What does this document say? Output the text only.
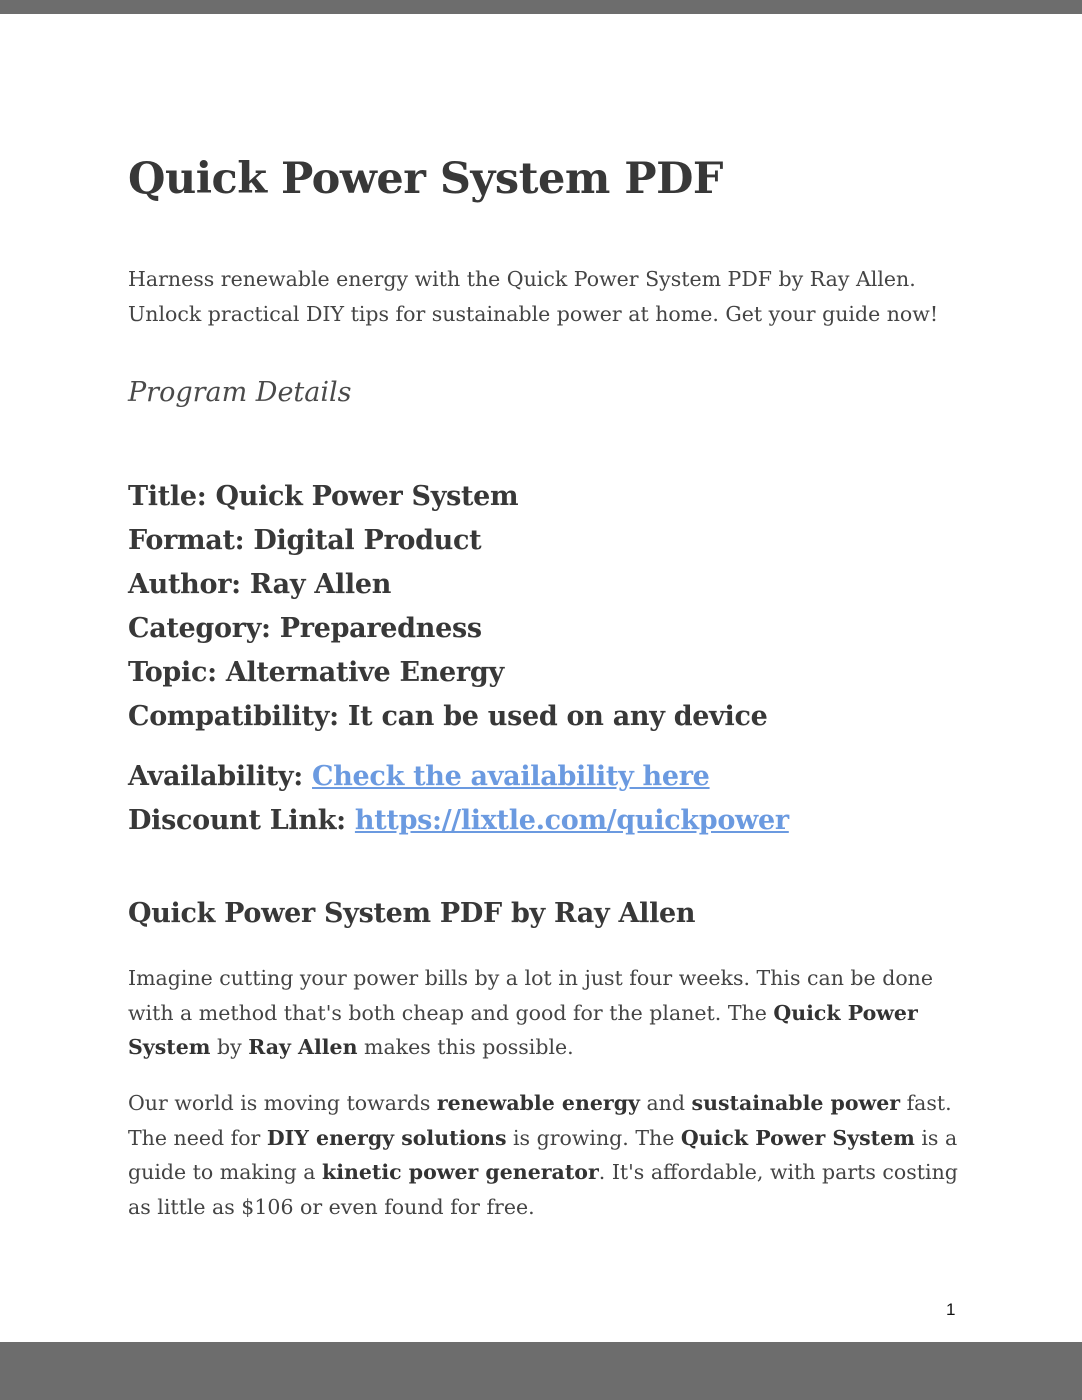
Quick Power System PDF

Harness renewable energy with the Quick Power System PDF by Ray Allen. Unlock practical DIY tips for sustainable power at home. Get your guide now!

Program Details
Title: Quick Power System
Format: Digital Product
Author: Ray Allen
Category: Preparedness
Topic: Alternative Energy
Compatibility: It can be used on any device
Availability: Check the availability here
Discount Link: https://lixtle.com/quickpower
Quick Power System PDF by Ray Allen

Imagine cutting your power bills by a lot in just four weeks. This can be done with a method that's both cheap and good for the planet. The Quick Power System by Ray Allen makes this possible.

Our world is moving towards renewable energy and sustainable power fast. The need for DIY energy solutions is growing. The Quick Power System is a guide to making a kinetic power generator. It's affordable, with parts costing as little as $106 or even found for free.

1
